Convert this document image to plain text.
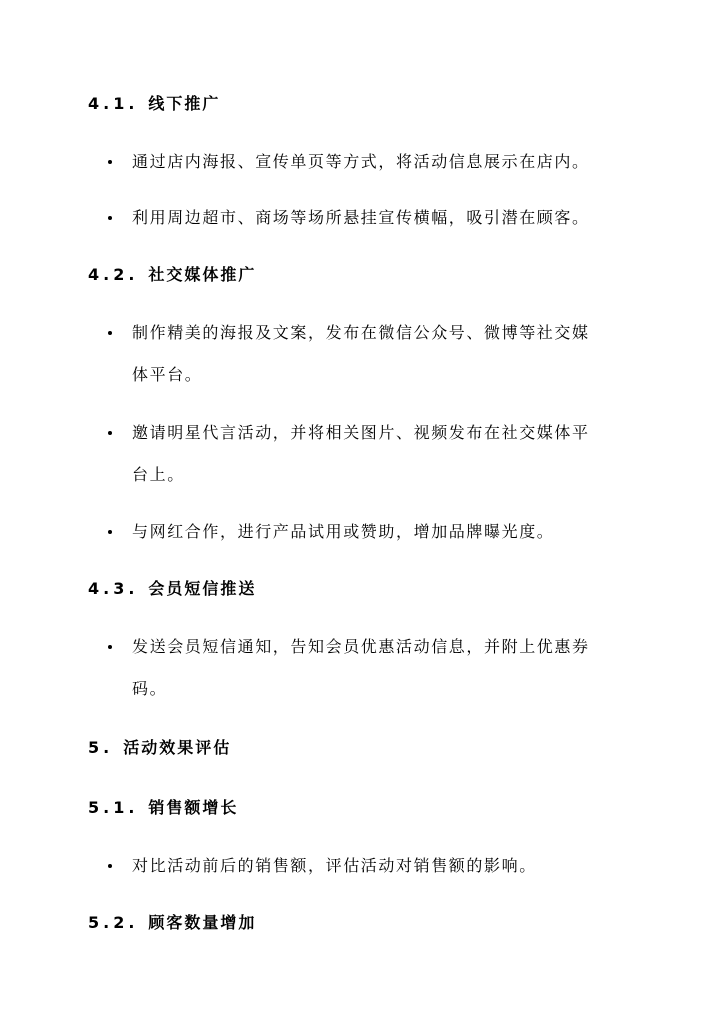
4.1. 线下推广
通过店内海报、宣传单页等方式，将活动信息展示在店内。
利用周边超市、商场等场所悬挂宣传横幅，吸引潜在顾客。
4.2. 社交媒体推广
制作精美的海报及文案，发布在微信公众号、微博等社交媒
体平台。
邀请明星代言活动，并将相关图片、视频发布在社交媒体平
台上。
与网红合作，进行产品试用或赞助，增加品牌曝光度。
4.3. 会员短信推送
发送会员短信通知，告知会员优惠活动信息，并附上优惠券
码。
5. 活动效果评估
5.1. 销售额增长
对比活动前后的销售额，评估活动对销售额的影响。
5.2. 顾客数量增加
